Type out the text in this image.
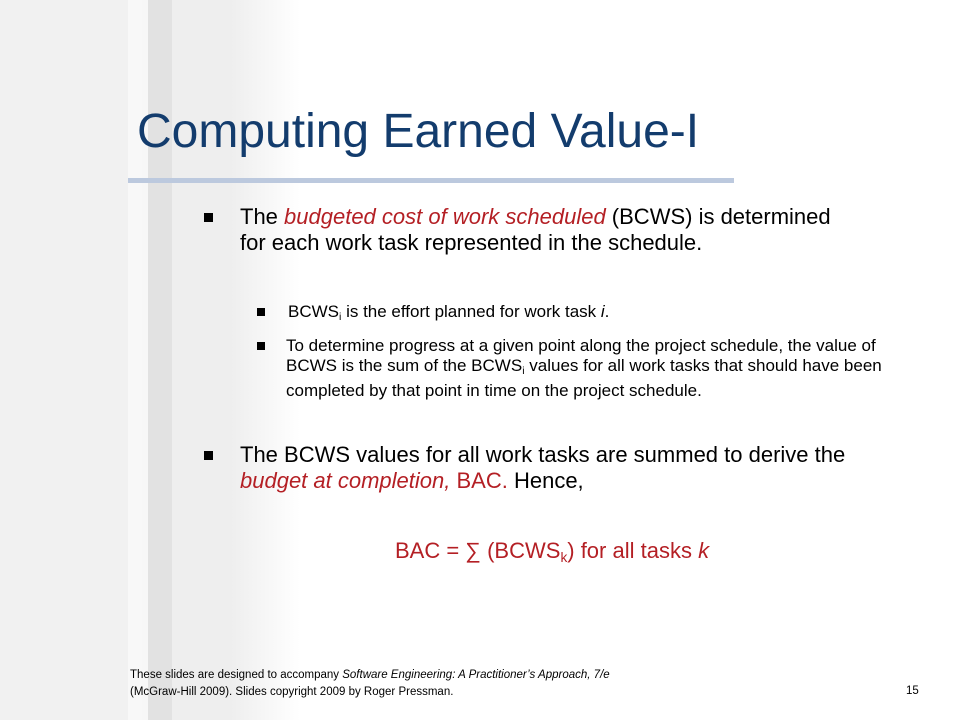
Computing Earned Value-I
The budgeted cost of work scheduled (BCWS) is determined for each work task represented in the schedule.
$BCWS_i$ is the effort planned for work task i.
To determine progress at a given point along the project schedule, the value of BCWS is the sum of the $BCWS_i$ values for all work tasks that should have been completed by that point in time on the project schedule.
The BCWS values for all work tasks are summed to derive the budget at completion, BAC. Hence,
BAC = ∑ $(BCWS_k)$ for all tasks k
These slides are designed to accompany Software Engineering: A Practitioner’s Approach, 7/e
(McGraw-Hill 2009). Slides copyright 2009 by Roger Pressman.	15
